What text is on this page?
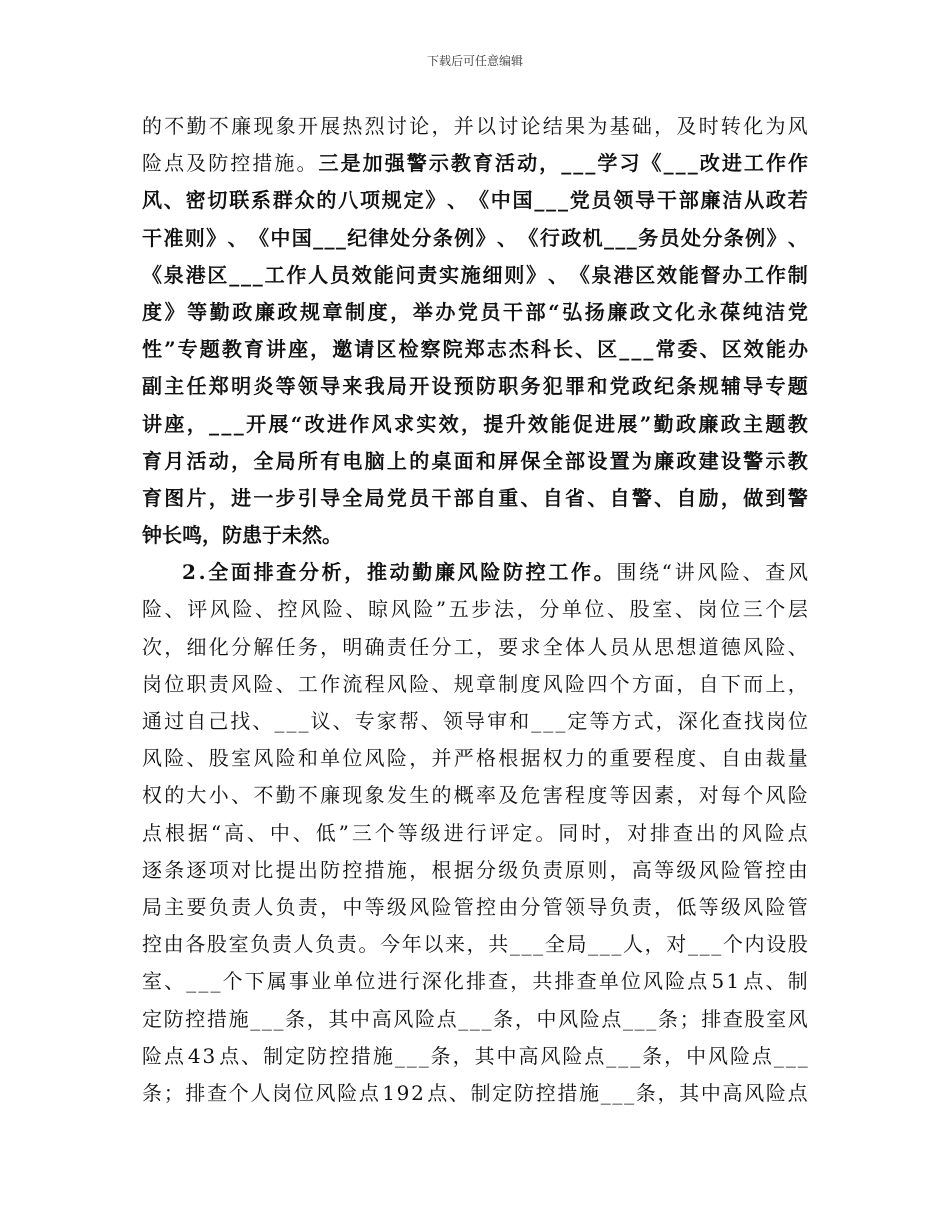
下载后可任意编辑
的 不 勤 不 廉 现 象 开 展 热 烈 讨 论 ， 并 以 讨 论 结 果 为 基 础 ， 及 时 转 化 为 风
险 点 及 防 控 措 施 。 三 是 加 强 警 示 教 育 活 动 ， _ _ _ 学 习 《 _ _ _ 改 进 工 作 作
风 、 密 切 联 系 群 众 的 八 项 规 定 》 、 《 中 国 _ _ _ 党 员 领 导 干 部 廉 洁 从 政 若
干 准 则 》 、 《 中 国 _ _ _ 纪 律 处 分 条 例 》 、 《 行 政 机 _ _ _ 务 员 处 分 条 例 》 、
《 泉 港 区 _ _ _ 工 作 人 员 效 能 问 责 实 施 细 则 》 、 《 泉 港 区 效 能 督 办 工 作 制
度 》 等 勤 政 廉 政 规 章 制 度 ， 举 办 党 员 干 部 “ 弘 扬 廉 政 文 化 永 葆 纯 洁 党
性 ” 专 题 教 育 讲 座 ， 邀 请 区 检 察 院 郑 志 杰 科 长 、 区 _ _ _ 常 委 、 区 效 能 办
副 主 任 郑 明 炎 等 领 导 来 我 局 开 设 预 防 职 务 犯 罪 和 党 政 纪 条 规 辅 导 专 题
讲 座 ， _ _ _ 开 展 “ 改 进 作 风 求 实 效 ， 提 升 效 能 促 进 展 ” 勤 政 廉 政 主 题 教
育 月 活 动 ， 全 局 所 有 电 脑 上 的 桌 面 和 屏 保 全 部 设 置 为 廉 政 建 设 警 示 教
育 图 片 ， 进 一 步 引 导 全 局 党 员 干 部 自 重 、 自 省 、 自 警 、 自 励 ， 做 到 警
钟 长 鸣 ， 防 患 于 未 然 。
2 . 全 面 排 查 分 析 ， 推 动 勤 廉 风 险 防 控 工 作 。 围 绕 “ 讲 风 险 、 查 风
险 、 评 风 险 、 控 风 险 、 晾 风 险 ” 五 步 法 ， 分 单 位 、 股 室 、 岗 位 三 个 层
次 ， 细 化 分 解 任 务 ， 明 确 责 任 分 工 ， 要 求 全 体 人 员 从 思 想 道 德 风 险 、
岗 位 职 责 风 险 、 工 作 流 程 风 险 、 规 章 制 度 风 险 四 个 方 面 ， 自 下 而 上 ，
通 过 自 己 找 、 _ _ _ 议 、 专 家 帮 、 领 导 审 和 _ _ _ 定 等 方 式 ， 深 化 查 找 岗 位
风 险 、 股 室 风 险 和 单 位 风 险 ， 并 严 格 根 据 权 力 的 重 要 程 度 、 自 由 裁 量
权 的 大 小 、 不 勤 不 廉 现 象 发 生 的 概 率 及 危 害 程 度 等 因 素 ， 对 每 个 风 险
点 根 据 “ 高 、 中 、 低 ” 三 个 等 级 进 行 评 定 。 同 时 ， 对 排 查 出 的 风 险 点
逐 条 逐 项 对 比 提 出 防 控 措 施 ， 根 据 分 级 负 责 原 则 ， 高 等 级 风 险 管 控 由
局 主 要 负 责 人 负 责 ， 中 等 级 风 险 管 控 由 分 管 领 导 负 责 ， 低 等 级 风 险 管
控 由 各 股 室 负 责 人 负 责 。 今 年 以 来 ， 共 _ _ _ 全 局 _ _ _ 人 ， 对 _ _ _ 个 内 设 股
室 、 _ _ _ 个 下 属 事 业 单 位 进 行 深 化 排 查 ， 共 排 查 单 位 风 险 点 5 1 点 、 制
定 防 控 措 施 _ _ _ 条 ， 其 中 高 风 险 点 _ _ _ 条 ， 中 风 险 点 _ _ _ 条 ； 排 查 股 室 风
险 点 4 3 点 、 制 定 防 控 措 施 _ _ _ 条 ， 其 中 高 风 险 点 _ _ _ 条 ， 中 风 险 点 _ _ _
条 ； 排 查 个 人 岗 位 风 险 点 1 9 2 点 、 制 定 防 控 措 施 _ _ _ 条 ， 其 中 高 风 险 点
